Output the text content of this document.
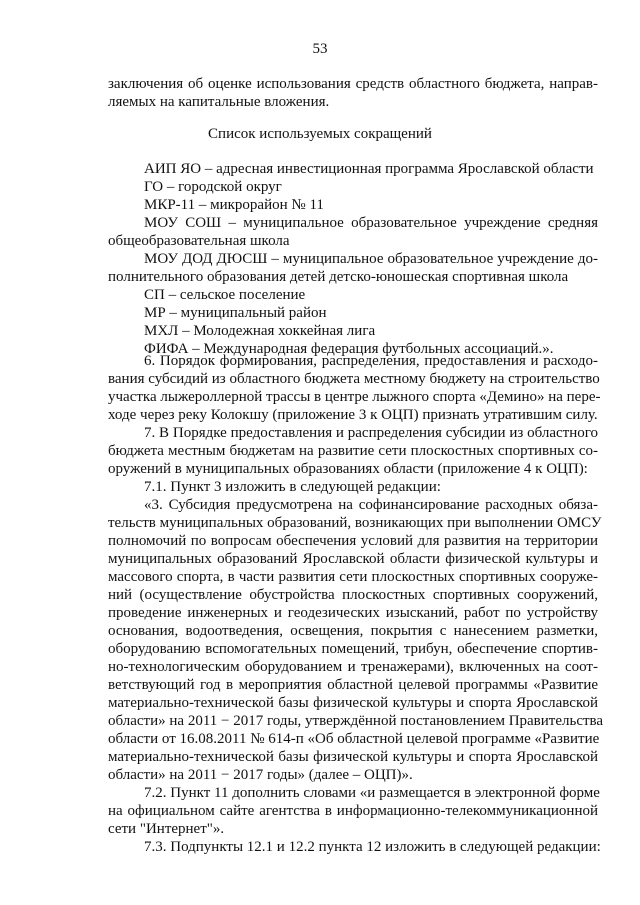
53
заключения об оценке использования средств областного бюджета, направ-
ляемых на капитальные вложения.
Список используемых сокращений
АИП ЯО – адресная инвестиционная программа Ярославской области
ГО – городской округ
МКР-11 – микрорайон № 11
МОУ СОШ – муниципальное образовательное учреждение средняя
общеобразовательная школа
МОУ ДОД ДЮСШ – муниципальное образовательное учреждение до-
полнительного образования детей детско-юношеская спортивная школа
СП – сельское поселение
МР – муниципальный район
МХЛ – Молодежная хоккейная лига
ФИФА – Международная федерация футбольных ассоциаций.».
6. Порядок формирования, распределения, предоставления и расходо-
вания субсидий из областного бюджета местному бюджету на строительство
участка лыжероллерной трассы в центре лыжного спорта «Демино» на пере-
ходе через реку Колокшу (приложение 3 к ОЦП) признать утратившим силу.
7. В Порядке предоставления и распределения субсидии из областного
бюджета местным бюджетам на развитие сети плоскостных спортивных со-
оружений в муниципальных образованиях области (приложение 4 к ОЦП):
7.1. Пункт 3 изложить в следующей редакции:
«3. Субсидия предусмотрена на софинансирование расходных обяза-
тельств муниципальных образований, возникающих при выполнении ОМСУ
полномочий по вопросам обеспечения условий для развития на территории
муниципальных образований Ярославской области физической культуры и
массового спорта, в части развития сети плоскостных спортивных сооруже-
ний (осуществление обустройства плоскостных спортивных сооружений,
проведение инженерных и геодезических изысканий, работ по устройству
основания, водоотведения, освещения, покрытия с нанесением разметки,
оборудованию вспомогательных помещений, трибун, обеспечение спортив-
но-технологическим оборудованием и тренажерами), включенных на соот-
ветствующий год в мероприятия областной целевой программы «Развитие
материально-технической базы физической культуры и спорта Ярославской
области» на 2011 − 2017 годы, утверждённой постановлением Правительства
области от 16.08.2011 № 614-п «Об областной целевой программе «Развитие
материально-технической базы физической культуры и спорта Ярославской
области» на 2011 − 2017 годы» (далее – ОЦП)».
7.2. Пункт 11 дополнить словами «и размещается в электронной форме
на официальном сайте агентства в информационно-телекоммуникационной
сети "Интернет"».
7.3. Подпункты 12.1 и 12.2 пункта 12 изложить в следующей редакции:
